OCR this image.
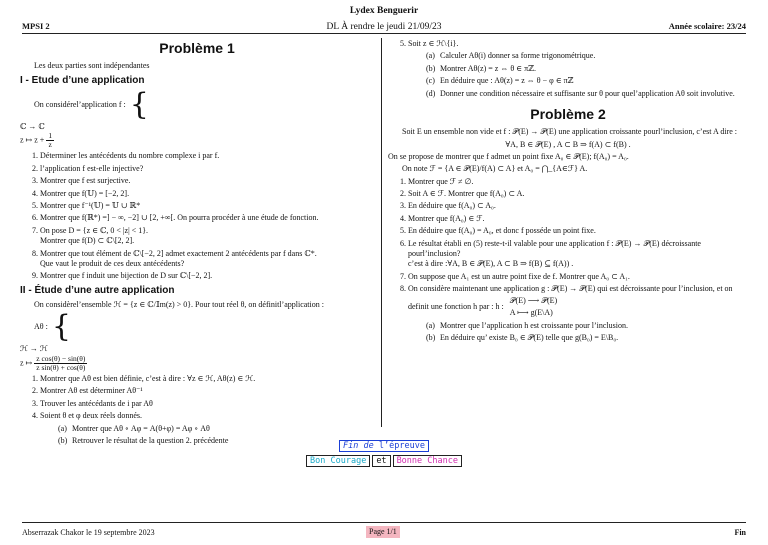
Lydex Benguerir
MPSI 2	DL À rendre le jeudi 21/09/23	Année scolaire: 23/24
Problème 1

Les deux parties sont indépendantes

I - Etude d’une application

On considérel’application f : {

ℂ → ℂ
z ↦ $z + \frac{1}{z}$

1. Déterminer les antécédents du nombre complexe i par f.
2. l’application f est-elle injective?
3. Montrer que f est surjective.
4. Montrer que f(𝕌) = [−2, 2].
5. Montrer que f⁻¹(𝕌) = 𝕌 ∪ ℝ*
6. Montrer que f(ℝ*) =] − ∞, −2] ∪ [2, +∞[. On pourra procéder à une étude de fonction.
7. On pose D = {z ∈ ℂ, 0 < |z| < 1}.
Montrer que f(D) ⊂ ℂ\[2, 2].
8. Montrer que tout élément de ℂ\[−2, 2] admet exactement 2 antécédents par f dans ℂ*.
Que vaut le produit de ces deux antécédents?
9. Montrer que f induit une bijection de D sur ℂ\[−2, 2].
II - Étude d’une autre application

On considèrel’ensemble ℋ = {z ∈ ℂ/𝕀m(z) > 0}. Pour tout réel θ, on définitl’application :

Aθ : {

ℋ → ℋ
z ↦ $\frac{\text{z cos(θ) − sin(θ)}}{\text{z sin(θ) + cos(θ)}}$

1. Montrer que Aθ est bien définie, c’est à dire : ∀z ∈ ℋ, Aθ(z) ∈ ℋ.
2. Montrer Aθ est déterminer Aθ⁻¹
3. Trouver les antécédants de i par Aθ
4. Soient θ et φ deux réels donnés.
(a) Montrer que Aθ ∘ Aφ = A(θ+φ) = Aφ ∘ Aθ
(b) Retrouver le résultat de la question 2. précédente
5. Soit z ∈ ℋ\{i}.
(a) Calculer Aθ(i) donner sa forme trigonométrique.
(b) Montrer Aθ(z) = z ⇔ θ ∈ πℤ.
(c) En déduire que : Aθ(z) = z ⇔ θ − φ ∈ πℤ
(d) Donner une condition nécessaire et suffisante sur θ pour quel’application Aθ soit involutive.
Problème 2

Soit E un ensemble non vide et f : 𝒫(E) → 𝒫(E) une application croissante pourl’inclusion, c’est A dire :

∀A, B ∈ 𝒫(E) , A ⊂ B ⇒ f(A) ⊂ f(B) .

On se propose de montrer que f admet un point fixe A₀ ∈ 𝒫(E); f(A₀) = A₀.

On note ℱ = {A ∈ 𝒫(E)/f(A) ⊂ A} et A₀ = ⋂_{A∈ℱ} A.

1. Montrer que ℱ ≠ ∅.
2. Soit A ∈ ℱ. Montrer que f(A₀) ⊂ A.
3. En déduire que f(A₀) ⊂ A₀.
4. Montrer que f(A₀) ∈ ℱ.
5. En déduire que f(A₀) = A₀, et donc f posséde un point fixe.
6. Le résultat établi en (5) reste-t-il valable pour une application f : 𝒫(E) → 𝒫(E) décroissante pourl’inclusion?
c’est à dire :∀A, B ∈ 𝒫(E), A ⊂ B ⇒ f(B) ⊆ f(A)) .
7. On suppose que A₁ est un autre point fixe de f. Montrer que A₀ ⊂ A₁.
8. On considère maintenant une application g : 𝒫(E) → 𝒫(E) qui est décroissante pour l’inclusion, et on definit une fonction h par : h :
𝒫(E) ⟶ 𝒫(E)
A ⟼ g(E\A)
(a) Montrer que l’application h est croissante pour l’inclusion.
(b) En déduire qu’ existe B₀ ∈ 𝒫(E) telle que g(B₀) = E\B₀.
Fin de l’épreuve
Bon Courage et Bonne Chance
Abserrazak Chakor le 19 septembre 2023	Page 1/1	Fin
